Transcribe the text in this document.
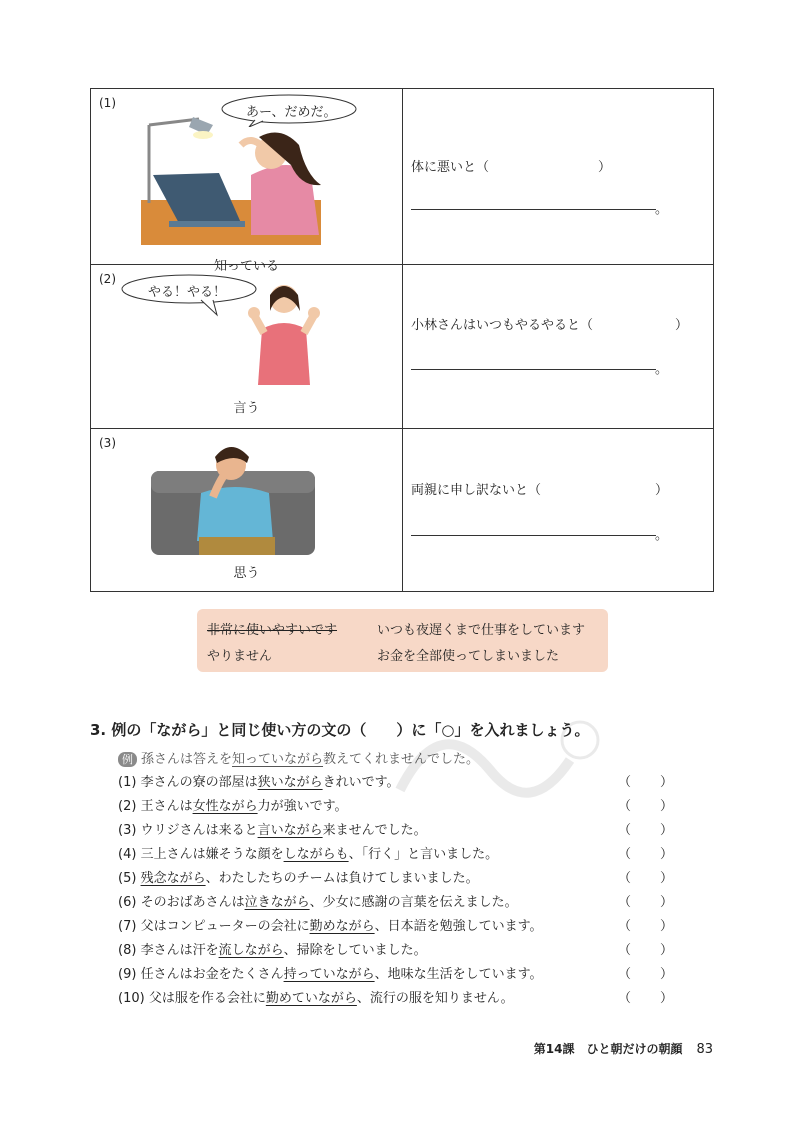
(1)
あー、だめだ。
知っている	体に悪いと（ ）
。

(2)
やる！やる！
言う	小林さんはいつもやるやると（ ）
。

(3)
思う	両親に申し訳ないと（ ）
。
非常に使いやすいです	いつも夜遅くまで仕事をしています
やりません	お金を全部使ってしまいました
3. 例の「ながら」と同じ使い方の文の（　　）に「○」を入れましょう。
例 孫さんは答えを知っていながら教えてくれませんでした。
(1) 李さんの寮の部屋は狭いながらきれいです。	（ ）
(2) 王さんは女性ながら力が強いです。	（ ）
(3) ウリジさんは来ると言いながら来ませんでした。	（ ）
(4) 三上さんは嫌そうな顔をしながらも、「行く」と言いました。	（ ）
(5) 残念ながら、わたしたちのチームは負けてしまいました。	（ ）
(6) そのおばあさんは泣きながら、少女に感謝の言葉を伝えました。	（ ）
(7) 父はコンピューターの会社に勤めながら、日本語を勉強しています。	（ ）
(8) 李さんは汗を流しながら、掃除をしていました。	（ ）
(9) 任さんはお金をたくさん持っていながら、地味な生活をしています。	（ ）
(10) 父は服を作る会社に勤めていながら、流行の服を知りません。	（ ）
第14課　ひと朝だけの朝顔 83
